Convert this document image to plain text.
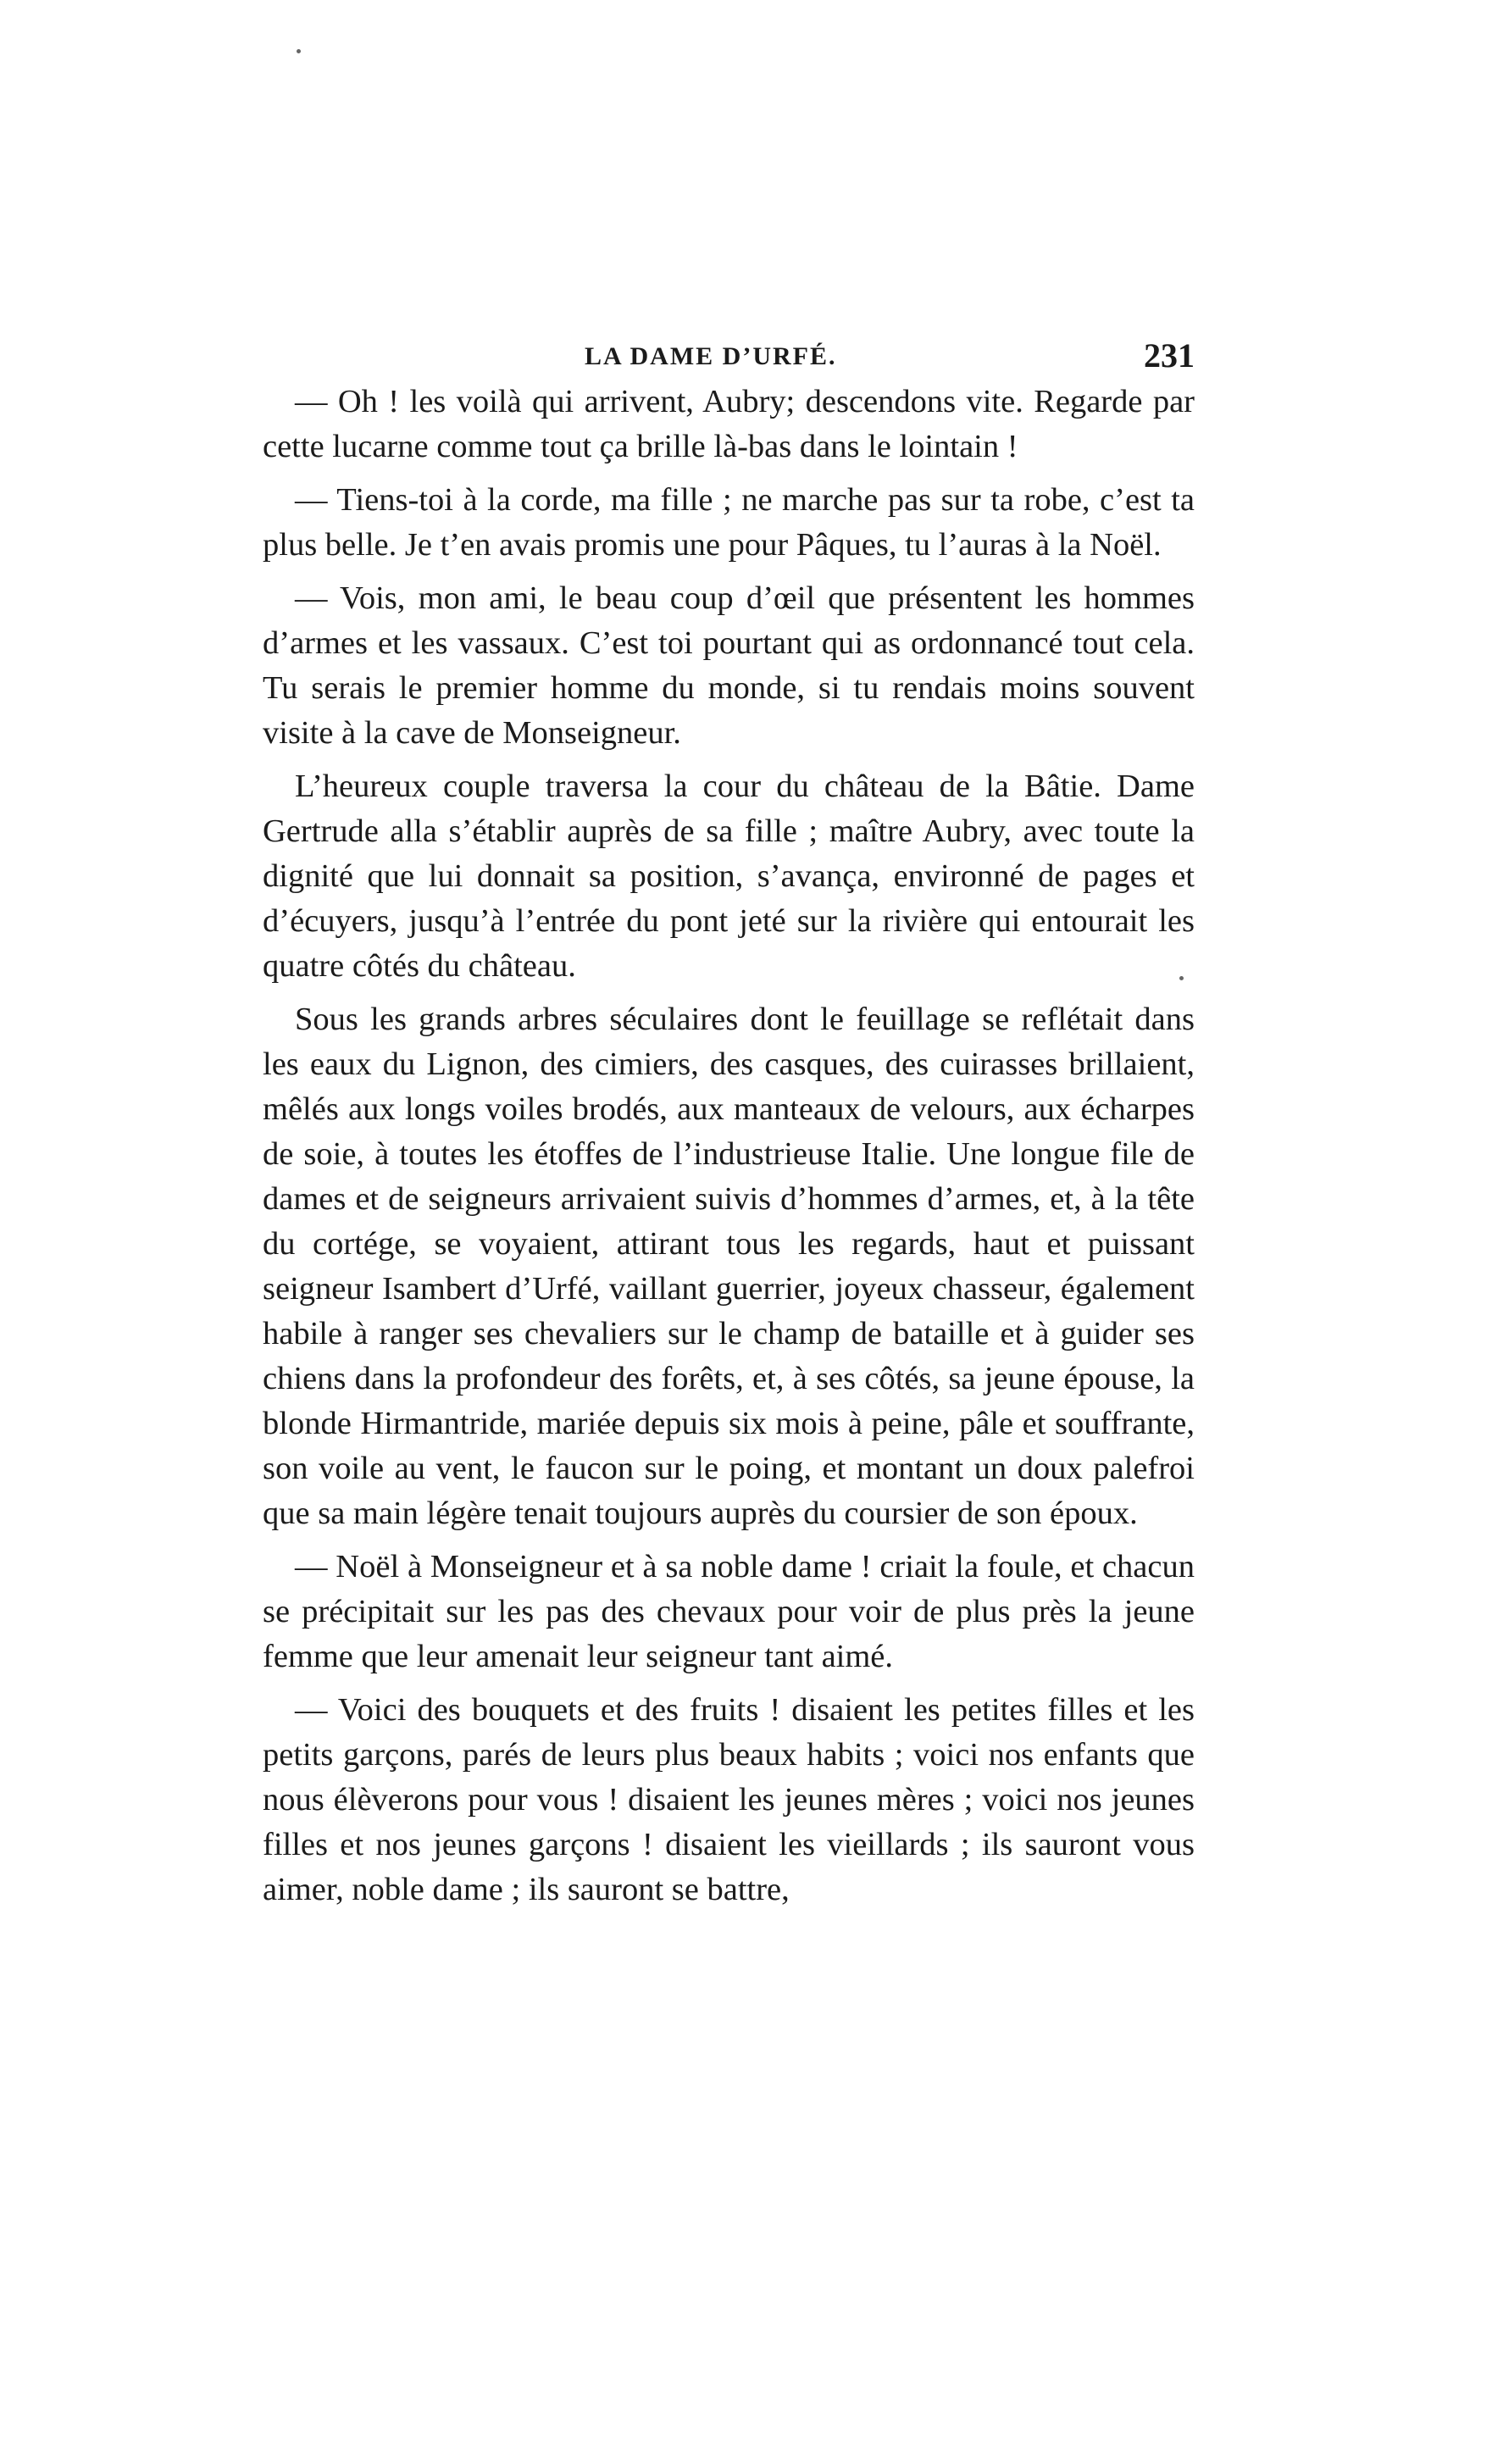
LA DAME D’URFÉ.	231

— Oh ! les voilà qui arrivent, Aubry; descendons vite. Regarde par cette lucarne comme tout ça brille là-bas dans le lointain !

— Tiens-toi à la corde, ma fille ; ne marche pas sur ta robe, c’est ta plus belle. Je t’en avais promis une pour Pâques, tu l’auras à la Noël.

— Vois, mon ami, le beau coup d’œil que présentent les hommes d’armes et les vassaux. C’est toi pourtant qui as ordonnancé tout cela. Tu serais le premier homme du monde, si tu rendais moins souvent visite à la cave de Monseigneur.

L’heureux couple traversa la cour du château de la Bâtie. Dame Gertrude alla s’établir auprès de sa fille ; maître Aubry, avec toute la dignité que lui donnait sa position, s’avança, environné de pages et d’écuyers, jusqu’à l’entrée du pont jeté sur la rivière qui entourait les quatre côtés du château.

Sous les grands arbres séculaires dont le feuillage se reflétait dans les eaux du Lignon, des cimiers, des casques, des cuirasses brillaient, mêlés aux longs voiles brodés, aux manteaux de velours, aux écharpes de soie, à toutes les étoffes de l’industrieuse Italie. Une longue file de dames et de seigneurs arrivaient suivis d’hommes d’armes, et, à la tête du cortége, se voyaient, attirant tous les regards, haut et puissant seigneur Isambert d’Urfé, vaillant guerrier, joyeux chasseur, également habile à ranger ses chevaliers sur le champ de bataille et à guider ses chiens dans la profondeur des forêts, et, à ses côtés, sa jeune épouse, la blonde Hirmantride, mariée depuis six mois à peine, pâle et souffrante, son voile au vent, le faucon sur le poing, et montant un doux palefroi que sa main légère tenait toujours auprès du coursier de son époux.

— Noël à Monseigneur et à sa noble dame ! criait la foule, et chacun se précipitait sur les pas des chevaux pour voir de plus près la jeune femme que leur amenait leur seigneur tant aimé.

— Voici des bouquets et des fruits ! disaient les petites filles et les petits garçons, parés de leurs plus beaux habits ; voici nos enfants que nous élèverons pour vous ! disaient les jeunes mères ; voici nos jeunes filles et nos jeunes garçons ! disaient les vieillards ; ils sauront vous aimer, noble dame ; ils sauront se battre,
